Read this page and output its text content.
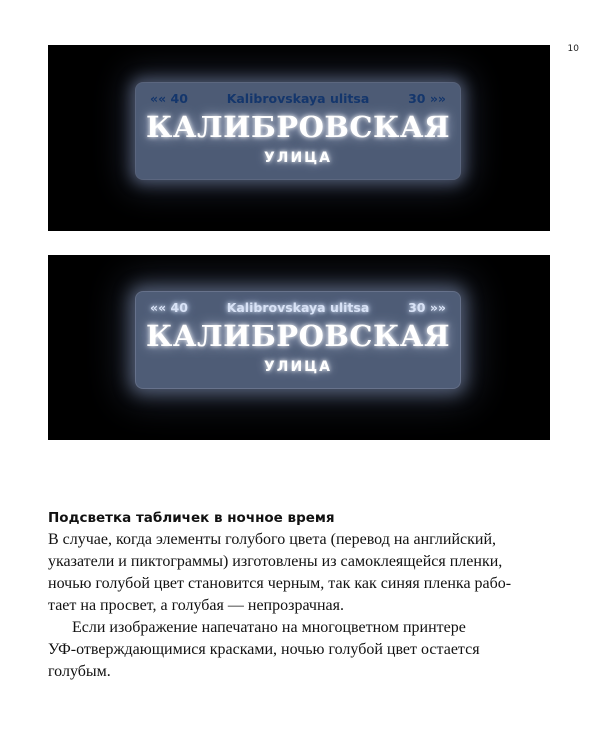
10
Kalibrovskaya ulitsa
«« 40	30 »»
КАЛИБРОВСКАЯ
УЛИЦА
Kalibrovskaya ulitsa
«« 40	30 »»
КАЛИБРОВСКАЯ
УЛИЦА
Подсветка табличек в ночное время

В случае, когда элементы голубого цвета (перевод на английский,
указатели и пиктограммы) изготовлены из самоклеящейся пленки,
ночью голубой цвет становится черным, так как синяя пленка рабо-
тает на просвет, а голубая — непрозрачная.

Если изображение напечатано на многоцветном принтере
УФ-отверждающимися красками, ночью голубой цвет остается
голубым.
